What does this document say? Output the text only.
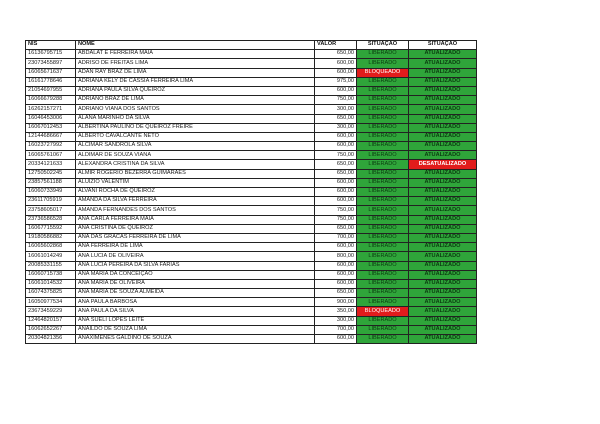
NIS	NOME	VALOR	SITUAÇÃO	SITUAÇÃO
16136795715	ABDALAT E FERREIRA MAIA	650,00	LIBERADO	ATUALIZADO
23073455897	ADRISO DE FREITAS LIMA	600,00	LIBERADO	ATUALIZADO
16065671637	ADAN RAY BRAZ DE LIMA	600,00	BLOQUEADO	ATUALIZADO
16161778646	ADRIANA KELY DE CASSIA FERREIRA LIMA	975,00	LIBERADO	ATUALIZADO
21054697955	ADRIANA PAULA SILVA QUEIROZ	600,00	LIBERADO	ATUALIZADO
16066679288	ADRIANO BRAZ DE LIMA	750,00	LIBERADO	ATUALIZADO
16262157271	ADRIANO VIANA DOS SANTOS	300,00	LIBERADO	ATUALIZADO
16046453006	ALANA MARINHO DA SILVA	650,00	LIBERADO	ATUALIZADO
16067012453	ALBERTINA PAULINO DE QUEIROZ FREIRE	300,00	LIBERADO	ATUALIZADO
12144686667	ALBERTO CAVALCANTE NETO	600,00	LIBERADO	ATUALIZADO
16023727992	ALCIMAR SANDROLA SILVA	600,00	LIBERADO	ATUALIZADO
16065761067	ALDIMAR DE SOUZA VIANA	750,00	LIBERADO	ATUALIZADO
20334121633	ALEXANDRA CRISTINA DA SILVA	650,00	LIBERADO	DESATUALIZADO
12750502245	ALMIR ROGERIO BEZERRA GUIMARAES	650,00	LIBERADO	ATUALIZADO
23857561188	ALUIZIO VALENTIM	600,00	LIBERADO	ATUALIZADO
16060733949	ALVANI ROCHA DE QUEIROZ	600,00	LIBERADO	ATUALIZADO
23611705919	AMANDA DA SILVA FERREIRA	600,00	LIBERADO	ATUALIZADO
23758605017	AMANDA FERNANDES DOS SANTOS	750,00	LIBERADO	ATUALIZADO
23736586528	ANA CARLA FERREIRA MAIA	750,00	LIBERADO	ATUALIZADO
16067715592	ANA CRISTINA DE QUEIROZ	650,00	LIBERADO	ATUALIZADO
19180586882	ANA DAS GRACAS FERREIRA DE LIMA	700,00	LIBERADO	ATUALIZADO
16065602868	ANA FERREIRA DE LIMA	600,00	LIBERADO	ATUALIZADO
16061014249	ANA LUCIA DE OLIVEIRA	800,00	LIBERADO	ATUALIZADO
20085331155	ANA LUCIA PEREIRA DA SILVA FARIAS	600,00	LIBERADO	ATUALIZADO
16060715738	ANA MARIA DA CONCEIÇÃO	600,00	LIBERADO	ATUALIZADO
16061014532	ANA MARIA DE OLIVEIRA	600,00	LIBERADO	ATUALIZADO
16074375825	ANA MARIA DE SOUZA ALMEIDA	650,00	LIBERADO	ATUALIZADO
16050977534	ANA PAULA BARBOSA	900,00	LIBERADO	ATUALIZADO
23673459229	ANA PAULA DA SILVA	350,00	BLOQUEADO	ATUALIZADO
12464820157	ANA SUELI LOPES LEITE	300,00	LIBERADO	ATUALIZADO
16062652267	ANAILDO DE SOUZA LIMA	700,00	LIBERADO	ATUALIZADO
20304821356	ANAXIMENES GALDINO DE SOUZA	600,00	LIBERADO	ATUALIZADO
